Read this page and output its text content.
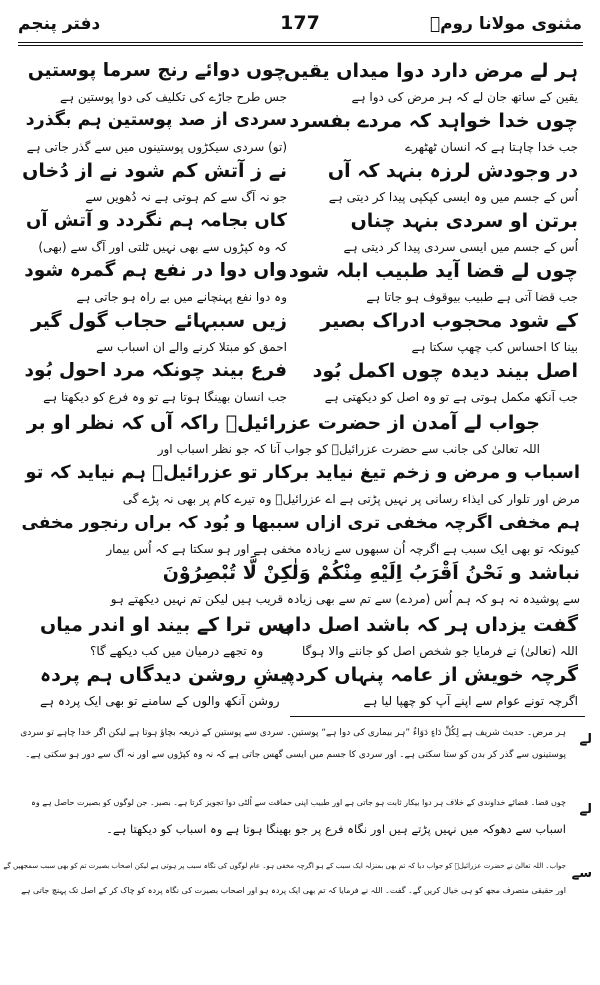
مثنوی مولانا رومؒ
177
دفتر پنجم
ہر لے مرض دارد دوا میداں یقیں
یقین کے ساتھ جان لے کہ ہر مرض کی دوا ہے
چوں خدا خواہد کہ مردے بفسرد
جب خدا چاہتا ہے کہ انسان ٹھٹھرے
در وجودش لرزہ بنہد کہ آں
اُس کے جسم میں وہ ایسی کپکپی پیدا کر دیتی ہے
برتن او سردی بنہد چناں
اُس کے جسم میں ایسی سردی پیدا کر دیتی ہے
چوں لے قضا آید طبیب ابلہ شود
جب قضا آتی ہے طبیب بیوقوف ہو جاتا ہے
کے شود محجوب ادراک بصیر
بینا کا احساس کب چھپ سکتا ہے
اصل بیند دیدہ چوں اکمل بُود
جب آنکھ مکمل ہوتی ہے تو وہ اصل کو دیکھتی ہے
چوں دوائے رنج سرما پوستیں
جس طرح جاڑے کی تکلیف کی دوا پوستین ہے
سردی از صد پوستین ہم بگذرد
(تو) سردی سیکڑوں پوستینوں میں سے گذر جاتی ہے
نے ز آتش کم شود نے از دُخاں
جو نہ آگ سے کم ہوتی ہے نہ دُھویں سے
کاں بجامہ ہم نگردد و آتش آں
کہ وہ کپڑوں سے بھی نہیں ٹلتی اور آگ سے (بھی)
واں دوا در نفع ہم گمرہ شود
وہ دوا نفع پہنچانے میں بے راہ ہو جاتی ہے
زیں سببہائے حجاب گول گیر
احمق کو مبتلا کرنے والے ان اسباب سے
فرع بیند چونکہ مرد احول بُود
جب انسان بھینگا ہوتا ہے تو وہ فرع کو دیکھتا ہے
جواب لے آمدن از حضرت عزرائیلؑ راکہ آں کہ نظر او بر
اللہ تعالیٰ کی جانب سے حضرت عزرائیلؑ کو جواب آنا کہ جو نظر اسباب اور
اسباب و مرض و زخم تیغ نیاید برکار تو عزرائیلؑ ہم نیاید کہ تو
مرض اور تلوار کی ایذاء رسانی پر نہیں پڑتی ہے اے عزرائیلؑ وہ تیرے کام پر بھی نہ پڑے گی
ہم مخفی اگرچہ مخفی تری ازاں سببھا و بُود کہ براں رنجور مخفی
کیونکہ تو بھی ایک سبب ہے اگرچہ اُن سبھوں سے زیادہ مخفی ہے اور ہو سکتا ہے کہ اُس بیمار
نباشد و نَحْنُ اَقْرَبُ اِلَيْهِ مِنْكُمْ وَلٰكِنْ لَّا تُبْصِرُوْنَ
سے پوشیدہ نہ ہو کہ ہم اُس (مردے) سے تم سے بھی زیادہ قریب ہیں لیکن تم نہیں دیکھتے ہو
گفت یزداں ہر کہ باشد اصل داں
اللہ (تعالیٰ) نے فرمایا جو شخص اصل کو جاننے والا ہوگا
گرچہ خویش از عامہ پنہاں کردہ
اگرچہ تونے عوام سے اپنے آپ کو چھپا لیا ہے
پس ترا کے بیند او اندر میاں
وہ تجھے درمیان میں کب دیکھے گا؟
پیشِ روشن دیدگاں ہم پردہ
روشن آنکھ والوں کے سامنے تو بھی ایک پردہ ہے
لے
ہر مرض۔ حدیث شریف ہے لِکُلِّ دَاءٍ دَوَاءٌ ”ہر بیماری کی دوا ہے“ پوستین۔ سردی سے پوستین کے ذریعہ بچاؤ ہوتا ہے لیکن اگر خدا چاہے تو سردی
پوستینوں سے گذر کر بدن کو ستا سکتی ہے۔ اور سردی کا جسم میں ایسی گھس جاتی ہے کہ نہ وہ کپڑوں سے اور نہ آگ سے دور ہو سکتی ہے۔
لے
چوں قضا۔ قضائے خداوندی کے خلاف ہر دوا بیکار ثابت ہو جاتی ہے اور طبیب اپنی حماقت سے اُلٹی دوا تجویز کرتا ہے۔ بصیر۔ جن لوگوں کو بصیرت حاصل ہے وہ
اسباب سے دھوکہ میں نہیں پڑتے ہیں اور نگاہ فرع پر جو بھینگا ہوتا ہے وہ اسباب کو دیکھتا ہے۔
سے
جواب۔ اللہ تعالیٰ نے حضرت عزرائیلؑ کو جواب دیا کہ تم بھی بمنزلہ ایک سبب کے ہو اگرچہ مخفی ہو۔ عام لوگوں کی نگاہ سبب پر ہوتی ہے لیکن اصحاب بصیرت تم کو بھی سبب سمجھیں گے
اور حقیقی متصرف مجھ کو ہی خیال کریں گے۔ گفت۔ اللہ نے فرمایا کہ تم بھی ایک پردہ ہو اور اصحاب بصیرت کی نگاہ پردہ کو چاک کر کے اصل تک پہنچ جاتی ہے
